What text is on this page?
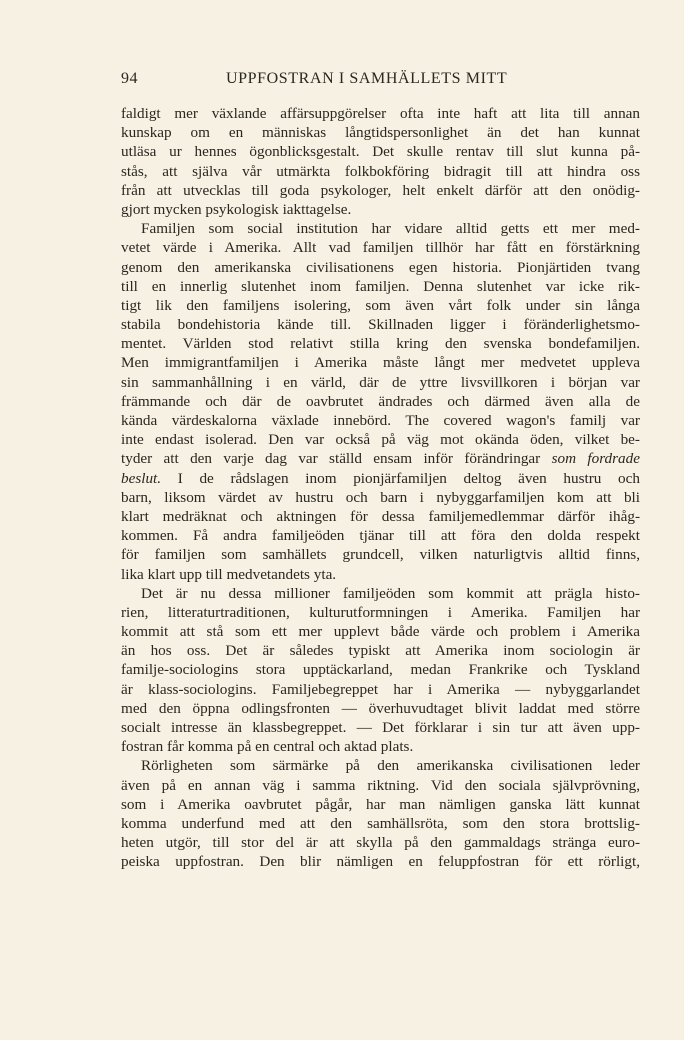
94	UPPFOSTRAN I SAMHÄLLETS MITT
faldigt mer växlande affärsuppgörelser ofta inte haft att lita till annan
kunskap om en människas långtidspersonlighet än det han kunnat
utläsa ur hennes ögonblicksgestalt. Det skulle rentav till slut kunna på-
stås, att själva vår utmärkta folkbokföring bidragit till att hindra oss
från att utvecklas till goda psykologer, helt enkelt därför att den onödig-
gjort mycken psykologisk iakttagelse.
Familjen som social institution har vidare alltid getts ett mer med-
vetet värde i Amerika. Allt vad familjen tillhör har fått en förstärkning
genom den amerikanska civilisationens egen historia. Pionjärtiden tvang
till en innerlig slutenhet inom familjen. Denna slutenhet var icke rik-
tigt lik den familjens isolering, som även vårt folk under sin långa
stabila bondehistoria kände till. Skillnaden ligger i föränderlighetsmo-
mentet. Världen stod relativt stilla kring den svenska bondefamiljen.
Men immigrantfamiljen i Amerika måste långt mer medvetet uppleva
sin sammanhållning i en värld, där de yttre livsvillkoren i början var
främmande och där de oavbrutet ändrades och därmed även alla de
kända värdeskalorna växlade innebörd. The covered wagon's familj var
inte endast isolerad. Den var också på väg mot okända öden, vilket be-
tyder att den varje dag var ställd ensam inför förändringar som fordrade
beslut. I de rådslagen inom pionjärfamiljen deltog även hustru och
barn, liksom värdet av hustru och barn i nybyggarfamiljen kom att bli
klart medräknat och aktningen för dessa familjemedlemmar därför ihåg-
kommen. Få andra familjeöden tjänar till att föra den dolda respekt
för familjen som samhällets grundcell, vilken naturligtvis alltid finns,
lika klart upp till medvetandets yta.
Det är nu dessa millioner familjeöden som kommit att prägla histo-
rien, litteraturtraditionen, kulturutformningen i Amerika. Familjen har
kommit att stå som ett mer upplevt både värde och problem i Amerika
än hos oss. Det är således typiskt att Amerika inom sociologin är
familje-sociologins stora upptäckarland, medan Frankrike och Tyskland
är klass-sociologins. Familjebegreppet har i Amerika — nybyggarlandet
med den öppna odlingsfronten — överhuvudtaget blivit laddat med större
socialt intresse än klassbegreppet. — Det förklarar i sin tur att även upp-
fostran får komma på en central och aktad plats.
Rörligheten som särmärke på den amerikanska civilisationen leder
även på en annan väg i samma riktning. Vid den sociala självprövning,
som i Amerika oavbrutet pågår, har man nämligen ganska lätt kunnat
komma underfund med att den samhällsröta, som den stora brottslig-
heten utgör, till stor del är att skylla på den gammaldags stränga euro-
peiska uppfostran. Den blir nämligen en feluppfostran för ett rörligt,
